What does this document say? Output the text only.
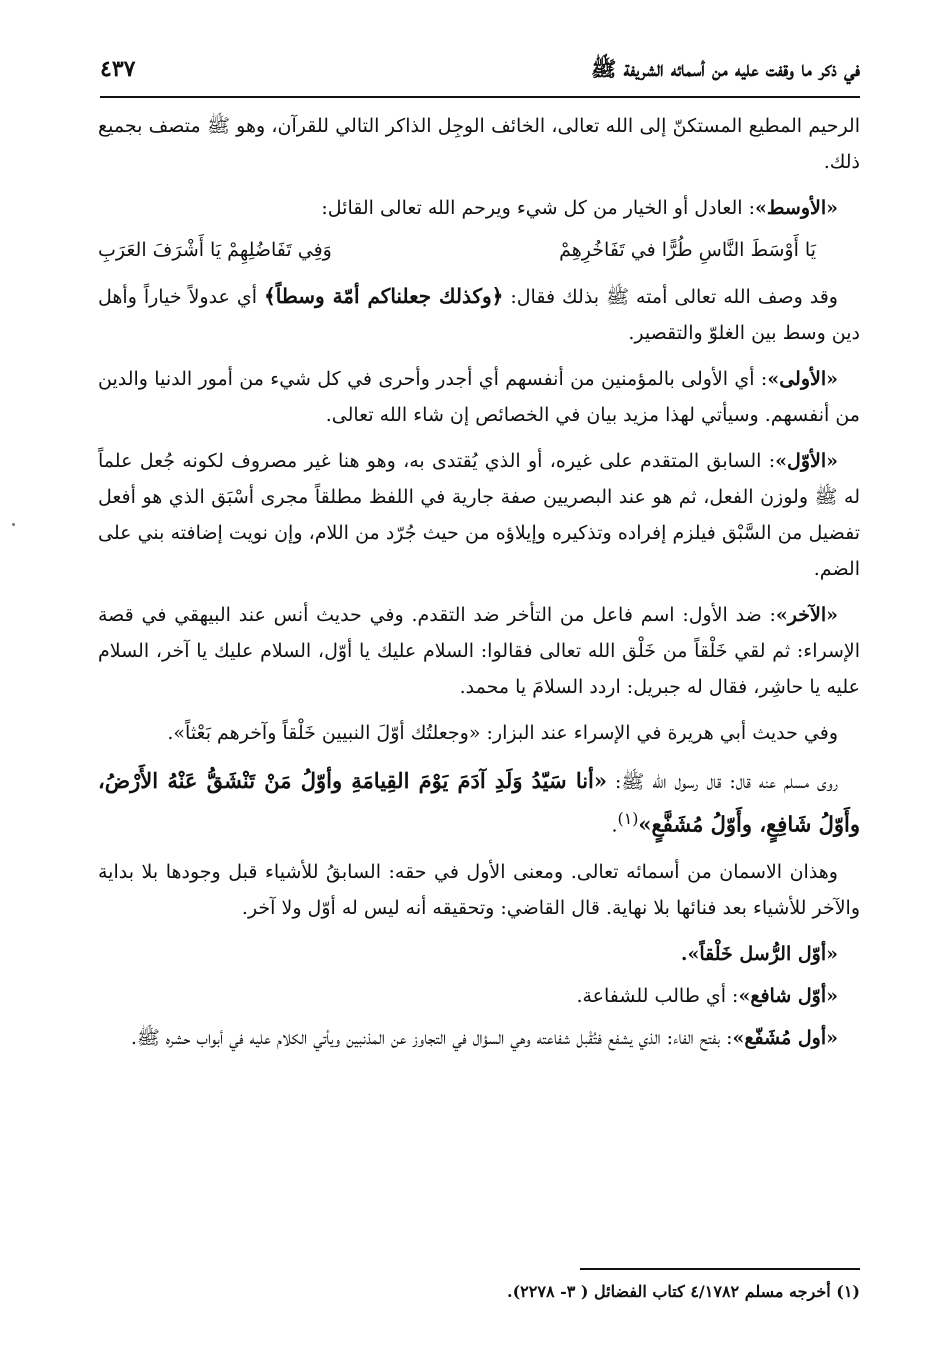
في ذكر ما وقفت عليه من أسمائه الشريفة ﷺ
٤٣٧

الرحيم المطيع المستكنّ إلى الله تعالى، الخائف الوجِل الذاكر التالي للقرآن، وهو ﷺ متصف بجميع ذلك.

«الأوسط»: العادل أو الخيار من كل شيء ويرحم الله تعالى القائل:

يَا أَوْسَطَ النَّاسِ طُرًّا في تَفَاخُرِهِمْ
وَفِي تَفَاضُلِهِمْ يَا أَشْرَفَ العَرَبِ

وقد وصف الله تعالى أمته ﷺ بذلك فقال: ﴿وكذلك جعلناكم أمّة وسطاً﴾ أي عدولاً خياراً وأهل دين وسط بين الغلوّ والتقصير.

«الأولى»: أي الأولى بالمؤمنين من أنفسهم أي أجدر وأحرى في كل شيء من أمور الدنيا والدين من أنفسهم. وسيأتي لهذا مزيد بيان في الخصائص إن شاء الله تعالى.

«الأوّل»: السابق المتقدم على غيره، أو الذي يُقتدى به، وهو هنا غير مصروف لكونه جُعل علماً له ﷺ ولوزن الفعل، ثم هو عند البصريين صفة جارية في اللفظ مطلقاً مجرى أسْبَق الذي هو أفعل تفضيل من السَّبْق فيلزم إفراده وتذكيره وإيلاؤه من حيث جُرّد من اللام، وإن نويت إضافته بني على الضم.

«الآخر»: ضد الأول: اسم فاعل من التأخر ضد التقدم. وفي حديث أنس عند البيهقي في قصة الإسراء: ثم لقي خَلْقاً من خَلْق الله تعالى فقالوا: السلام عليك يا أوّل، السلام عليك يا آخر، السلام عليه يا حاشِر، فقال له جبريل: اردد السلامَ يا محمد.

وفي حديث أبي هريرة في الإسراء عند البزار: «وجعلتُك أوّلَ النبيين خَلْقاً وآخرهم بَعْثاً».

روى مسلم عنه قال: قال رسول الله ﷺ: «أنا سَيّدُ وَلَدِ آدَمَ يَوْمَ القِيامَةِ وأوّلُ مَنْ تَنْشَقُّ عَنْهُ الأَرْضُ، وأَوّلُ شَافِعٍ، وأَوّلُ مُشَفَّعٍ»$^{(١)}$.

وهذان الاسمان من أسمائه تعالى. ومعنى الأول في حقه: السابقُ للأشياء قبل وجودها بلا بداية والآخر للأشياء بعد فنائها بلا نهاية. قال القاضي: وتحقيقه أنه ليس له أوّل ولا آخر.

«أوّل الرُّسل خَلْقاً».

«أوّل شافع»: أي طالب للشفاعة.

«أول مُشَفّع»: بفتح الفاء: الذي يشفع فتُقْبل شفاعته وهي السؤال في التجاوز عن المذنبين ويأتي الكلام عليه في أبواب حشره ﷺ.

(١) أخرجه مسلم ٤/١٧٨٢ كتاب الفضائل ( ٣- ٢٢٧٨).
